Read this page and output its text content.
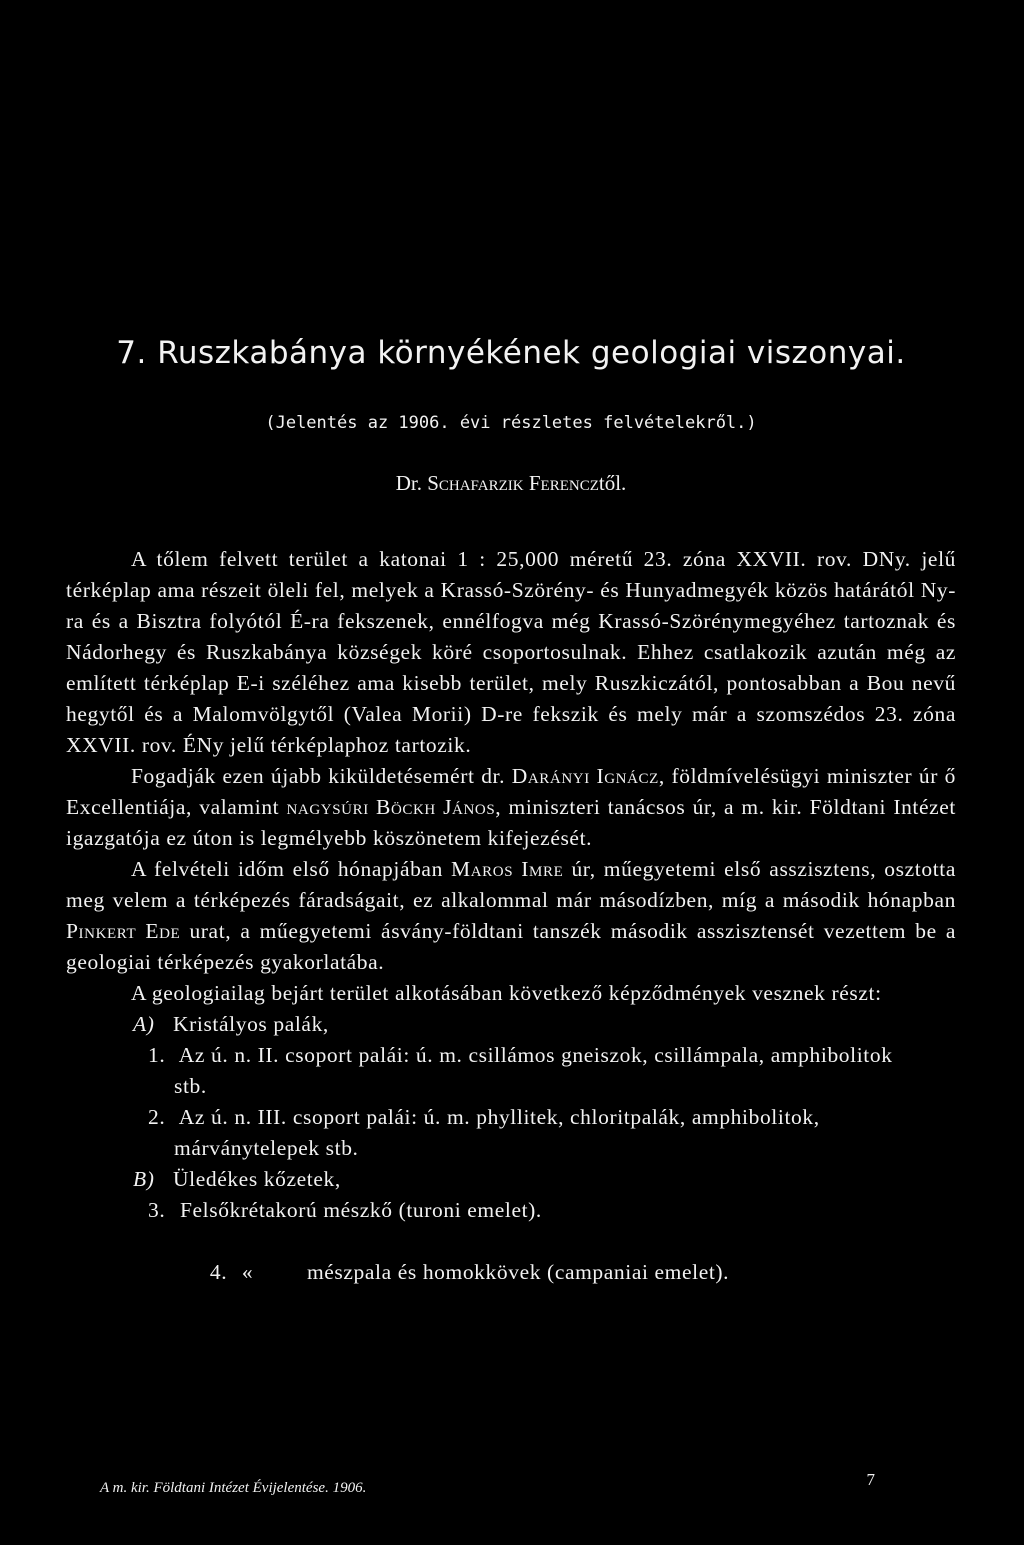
7. Ruszkabánya környékének geologiai viszonyai.
(Jelentés az 1906. évi részletes felvételekről.)
Dr. Schafarzik Ferencztől.

A tőlem felvett terület a katonai 1 : 25,000 méretű 23. zóna XXVII. rov. DNy. jelű térképlap ama részeit öleli fel, melyek a Krassó-Szörény- és Hunyadmegyék közös határától Ny-ra és a Bisztra folyótól É-ra fekszenek, ennélfogva még Krassó-Szörénymegyéhez tartoznak és Nádorhegy és Ruszkabánya községek köré csoportosulnak. Ehhez csatlakozik azután még az említett térképlap E-i széléhez ama kisebb terület, mely Ruszkiczától, pontosabban a Bou nevű hegytől és a Malomvölgytől (Valea Morii) D-re fekszik és mely már a szomszédos 23. zóna XXVII. rov. ÉNy jelű térképlaphoz tartozik.

Fogadják ezen újabb kiküldetésemért dr. Darányi Ignácz, földmívelésügyi miniszter úr ő Excellentiája, valamint nagysúri Böckh János, miniszteri tanácsos úr, a m. kir. Földtani Intézet igazgatója ez úton is legmélyebb köszönetem kifejezését.

A felvételi időm első hónapjában Maros Imre úr, műegyetemi első asszisztens, osztotta meg velem a térképezés fáradságait, ez alkalommal már másodízben, míg a második hónapban Pinkert Ede urat, a műegyetemi ásvány-földtani tanszék második asszisztensét vezettem be a geologiai térképezés gyakorlatába.

A geologiailag bejárt terület alkotásában következő képződmények vesznek részt:

A) Kristályos palák,
1. Az ú. n. II. csoport palái: ú. m. csillámos gneiszok, csillámpala, amphibolitok stb.
2. Az ú. n. III. csoport palái: ú. m. phyllitek, chloritpalák, amphibolitok, márványtelepek stb.
B) Üledékes kőzetek,
3. Felsőkrétakorú mészkő (turoni emelet).

4. «         mészpala és homokkövek (campaniai emelet).

A m. kir. Földtani Intézet Évijelentése. 1906.	7
